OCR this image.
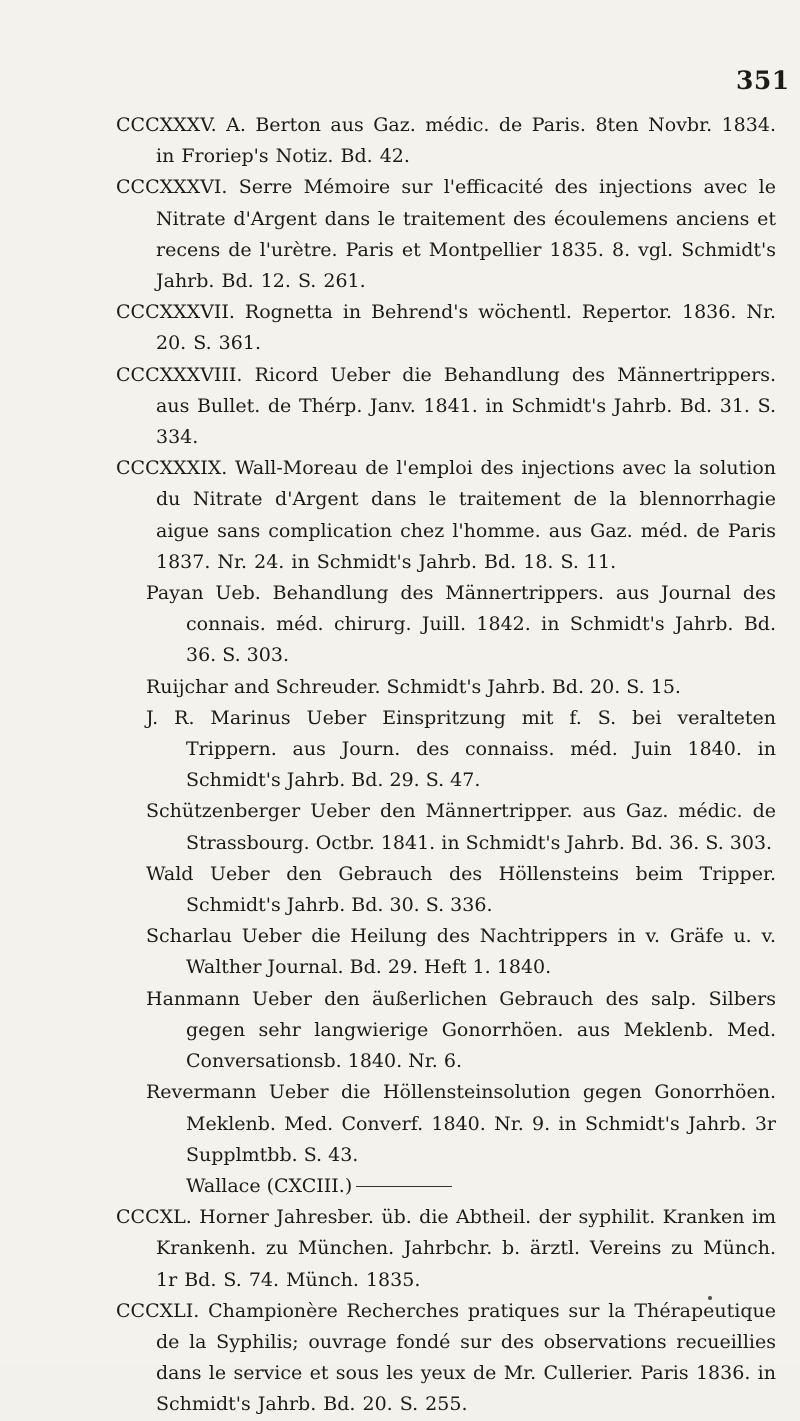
351

CCCXXXV. A. Berton aus Gaz. médic. de Paris. 8ten Novbr. 1834. in Froriep's Notiz. Bd. 42.

CCCXXXVI. Serre Mémoire sur l'efficacité des injections avec le Nitrate d'Argent dans le traitement des écoulemens anciens et recens de l'urètre. Paris et Montpellier 1835. 8. vgl. Schmidt's Jahrb. Bd. 12. S. 261.

CCCXXXVII. Rognetta in Behrend's wöchentl. Repertor. 1836. Nr. 20. S. 361.

CCCXXXVIII. Ricord Ueber die Behandlung des Männertrippers. aus Bullet. de Thérp. Janv. 1841. in Schmidt's Jahrb. Bd. 31. S. 334.

CCCXXXIX. Wall-Moreau de l'emploi des injections avec la solution du Nitrate d'Argent dans le traitement de la blennorrhagie aigue sans complication chez l'homme. aus Gaz. méd. de Paris 1837. Nr. 24. in Schmidt's Jahrb. Bd. 18. S. 11.

Payan Ueb. Behandlung des Männertrippers. aus Journal des connais. méd. chirurg. Juill. 1842. in Schmidt's Jahrb. Bd. 36. S. 303.

Ruijchar and Schreuder. Schmidt's Jahrb. Bd. 20. S. 15.

J. R. Marinus Ueber Einspritzung mit f. S. bei veralteten Trippern. aus Journ. des connaiss. méd. Juin 1840. in Schmidt's Jahrb. Bd. 29. S. 47.

Schützenberger Ueber den Männertripper. aus Gaz. médic. de Strassbourg. Octbr. 1841. in Schmidt's Jahrb. Bd. 36. S. 303.

Wald Ueber den Gebrauch des Höllensteins beim Tripper. Schmidt's Jahrb. Bd. 30. S. 336.

Scharlau Ueber die Heilung des Nachtrippers in v. Gräfe u. v. Walther Journal. Bd. 29. Heft 1. 1840.

Hanmann Ueber den äußerlichen Gebrauch des salp. Silbers gegen sehr langwierige Gonorrhöen. aus Meklenb. Med. Conversationsb. 1840. Nr. 6.

Revermann Ueber die Höllensteinsolution gegen Gonorrhöen. Meklenb. Med. Converf. 1840. Nr. 9. in Schmidt's Jahrb. 3r Supplmtbb. S. 43.

Wallace (CXCIII.)

CCCXL. Horner Jahresber. üb. die Abtheil. der syphilit. Kranken im Krankenh. zu München. Jahrbchr. b. ärztl. Vereins zu Münch. 1r Bd. S. 74. Münch. 1835.

CCCXLI. Championère Recherches pratiques sur la Thérapeutique de la Syphilis; ouvrage fondé sur des observations recueillies dans le service et sous les yeux de Mr. Cullerier. Paris 1836. in Schmidt's Jahrb. Bd. 20. S. 255.
